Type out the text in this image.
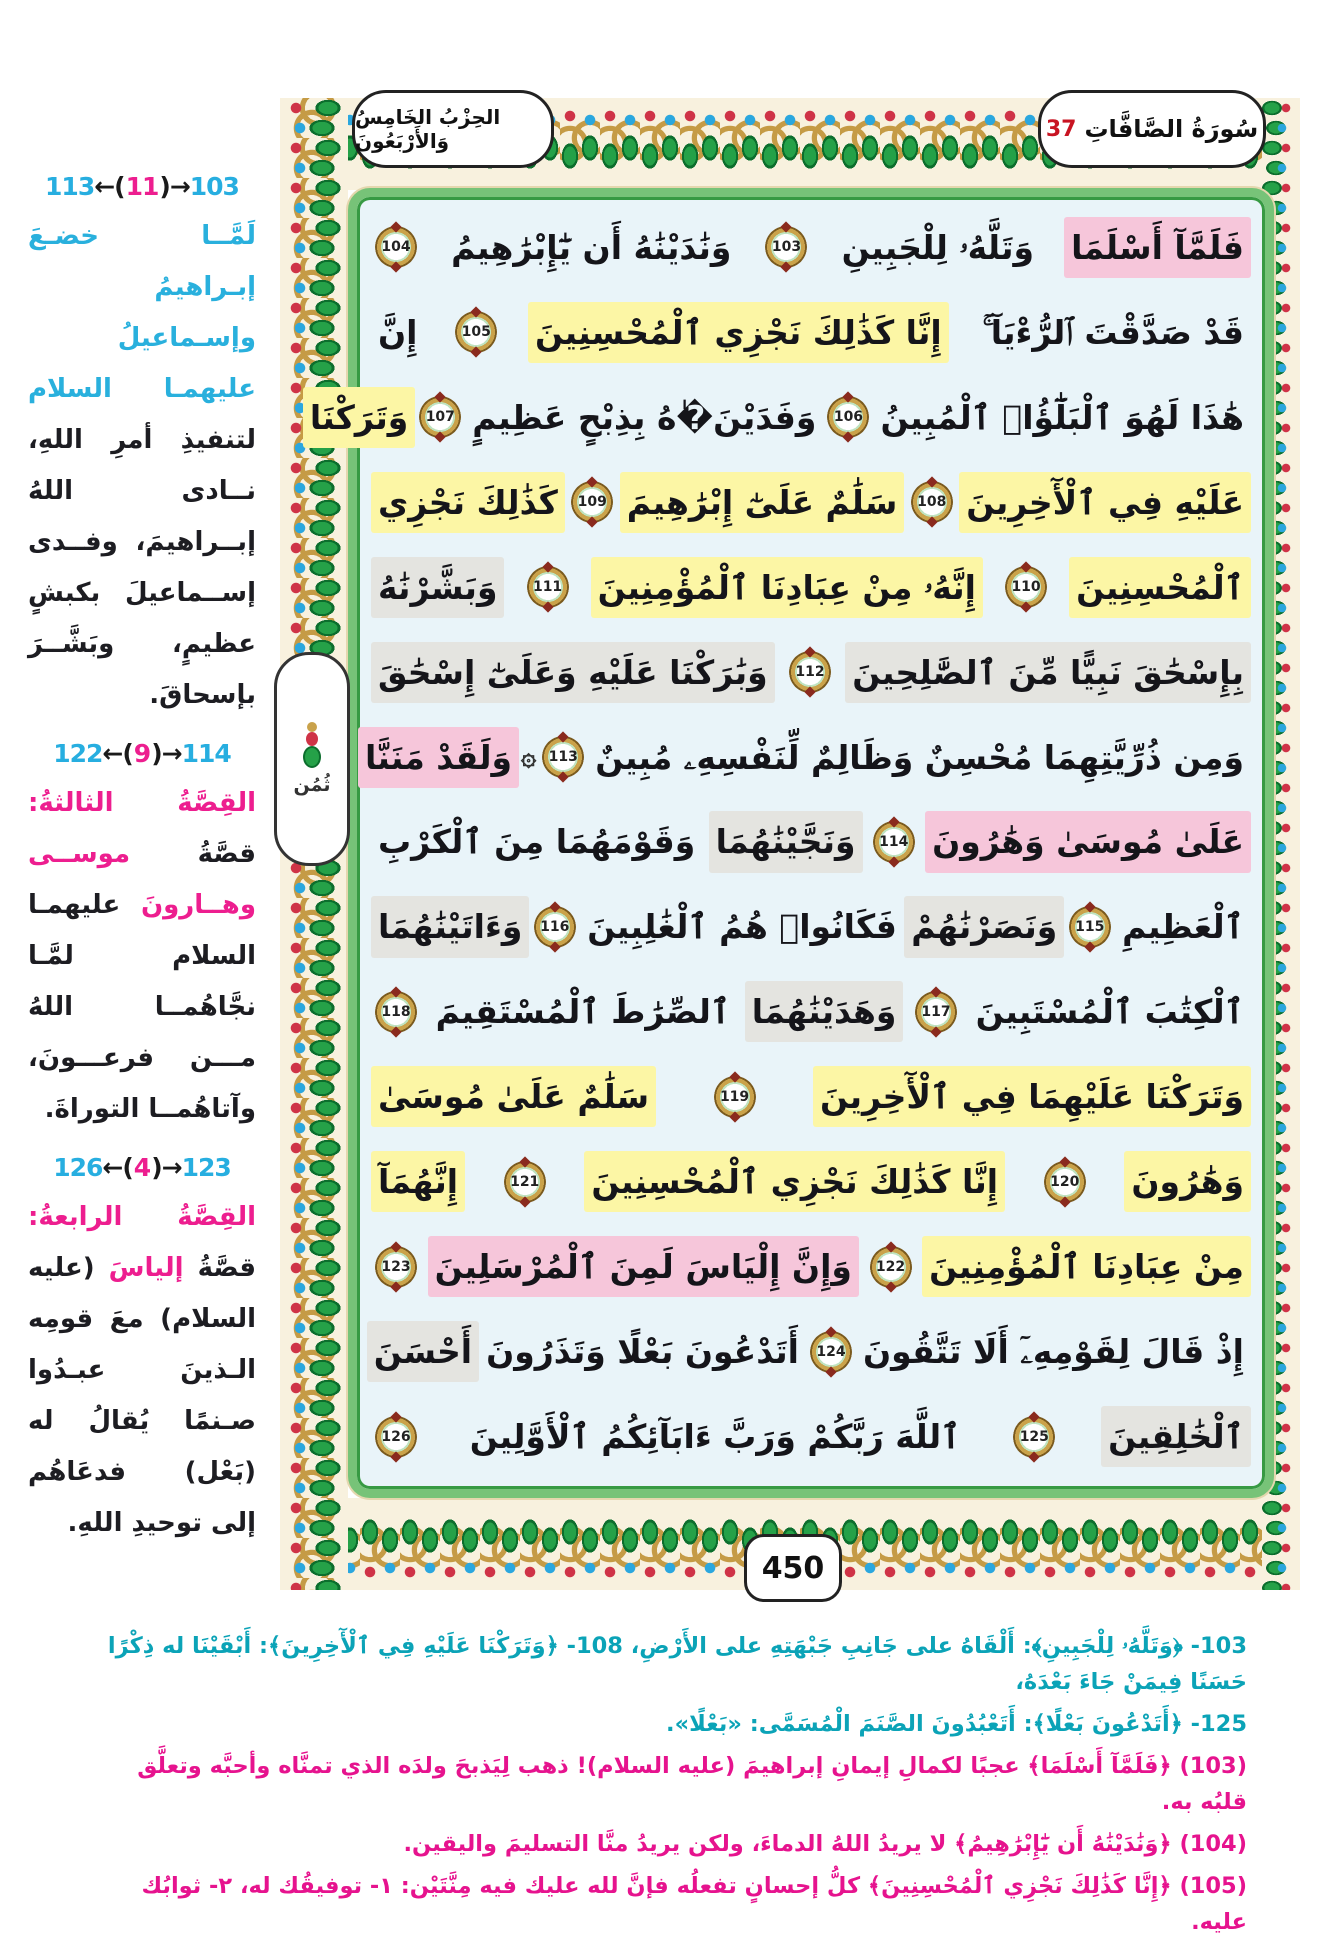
113 ←( 11 )→ 103

لَمَّــا خضـعَ إبـراهيمُ وإسـماعيلُ عليهمـا السلام لتنفيذِ أمرِ اللهِ، نــادى اللهُ إبــراهيمَ، وفــدى إســماعيلَ بكبشٍ عظيمٍ، وبَشَّــرَ بإسحاقَ.

122 ←( 9 )→ 114

القِصَّةُ الثالثةُ: قصَّةُ موســى وهــارونَ عليهمـا السلام لمَّـا نجَّاهُمــا اللهُ مـــن فرعـــونَ، وآتاهُمــا التوراةَ.

126 ←( 4 )→ 123

القِصَّةُ الرابعةُ: قصَّةُ إلياسَ (عليه السلام) معَ قومِه الـذينَ عبـدُوا صـنمًا يُقالُ له (بَعْل) فدعَاهُم إلى توحيدِ اللهِ.

الحِزْبُ الخَامِسُ وَالأَرْبَعُونَ	37 سُورَةُ الصَّافَّاتِ
ثُمُن
فَلَمَّآ أَسْلَمَا
وَتَلَّهُۥ لِلْجَبِينِ
103
وَنَٰدَيْنَٰهُ أَن يَٰٓإِبْرَٰهِيمُ
104
قَدْ صَدَّقْتَ ٱلرُّءْيَآ ۚ
إِنَّا كَذَٰلِكَ نَجْزِي ٱلْمُحْسِنِينَ
105
إِنَّ
هَٰذَا لَهُوَ ٱلْبَلَٰٓؤُا۟ ٱلْمُبِينُ
106
وَفَدَيْنَ�ٰهُ بِذِبْحٍ عَظِيمٍ
107
وَتَرَكْنَا
عَلَيْهِ فِي ٱلْأٓخِرِينَ
108
سَلَٰمٌ عَلَىٰٓ إِبْرَٰهِيمَ
109
كَذَٰلِكَ نَجْزِي
ٱلْمُحْسِنِينَ
110
إِنَّهُۥ مِنْ عِبَادِنَا ٱلْمُؤْمِنِينَ
111
وَبَشَّرْنَٰهُ
بِإِسْحَٰقَ نَبِيًّا مِّنَ ٱلصَّٰلِحِينَ
112
وَبَٰرَكْنَا عَلَيْهِ وَعَلَىٰٓ إِسْحَٰقَ
وَمِن ذُرِّيَّتِهِمَا مُحْسِنٌ وَظَالِمٌ لِّنَفْسِهِۦ مُبِينٌ
113
۞
وَلَقَدْ مَنَنَّا
عَلَىٰ مُوسَىٰ وَهَٰرُونَ
114
وَنَجَّيْنَٰهُمَا
وَقَوْمَهُمَا مِنَ ٱلْكَرْبِ
ٱلْعَظِيمِ
115
وَنَصَرْنَٰهُمْ
فَكَانُوا۟ هُمُ ٱلْغَٰلِبِينَ
116
وَءَاتَيْنَٰهُمَا
ٱلْكِتَٰبَ ٱلْمُسْتَبِينَ
117
وَهَدَيْنَٰهُمَا
ٱلصِّرَٰطَ ٱلْمُسْتَقِيمَ
118
وَتَرَكْنَا عَلَيْهِمَا فِي ٱلْأٓخِرِينَ
119
سَلَٰمٌ عَلَىٰ مُوسَىٰ
وَهَٰرُونَ
120
إِنَّا كَذَٰلِكَ نَجْزِي ٱلْمُحْسِنِينَ
121
إِنَّهُمَآ
مِنْ عِبَادِنَا ٱلْمُؤْمِنِينَ
122
وَإِنَّ إِلْيَاسَ لَمِنَ ٱلْمُرْسَلِينَ
123
إِذْ قَالَ لِقَوْمِهِۦٓ أَلَا تَتَّقُونَ
124
أَتَدْعُونَ بَعْلًا وَتَذَرُونَ
أَحْسَنَ
ٱلْخَٰلِقِينَ
125
ٱللَّهَ رَبَّكُمْ وَرَبَّ ءَابَآئِكُمُ ٱلْأَوَّلِينَ
126
450
103- ﴿وَتَلَّهُۥ لِلْجَبِينِ﴾: أَلْقَاهُ على جَانِبِ جَبْهَتِهِ على الأَرْضِ، 108- ﴿وَتَرَكْنَا عَلَيْهِ فِي ٱلْأٓخِرِينَ﴾: أَبْقَيْنَا له ذِكْرًا حَسَنًا فِيمَنْ جَاءَ بَعْدَهُ،
125- ﴿أَتَدْعُونَ بَعْلًا﴾: أَتَعْبُدُونَ الصَّنَمَ الْمُسَمَّى: «بَعْلًا».
(103) ﴿فَلَمَّآ أَسْلَمَا﴾ عجبًا لكمالِ إيمانِ إبراهيمَ (عليه السلام)! ذهب لِيَذبحَ ولدَه الذي تمنَّاه وأحبَّه وتعلَّق قلبُه به.
(104) ﴿وَنَٰدَيْنَٰهُ أَن يَٰٓإِبْرَٰهِيمُ﴾ لا يريدُ اللهُ الدماءَ، ولكن يريدُ منَّا التسليمَ واليقين.
(105) ﴿إِنَّا كَذَٰلِكَ نَجْزِي ٱلْمُحْسِنِينَ﴾ كلُّ إحسانٍ تفعلُه فإنَّ لله عليك فيه مِنَّتَيْن: ١- توفيقُك له، ٢- ثوابُك عليه.
